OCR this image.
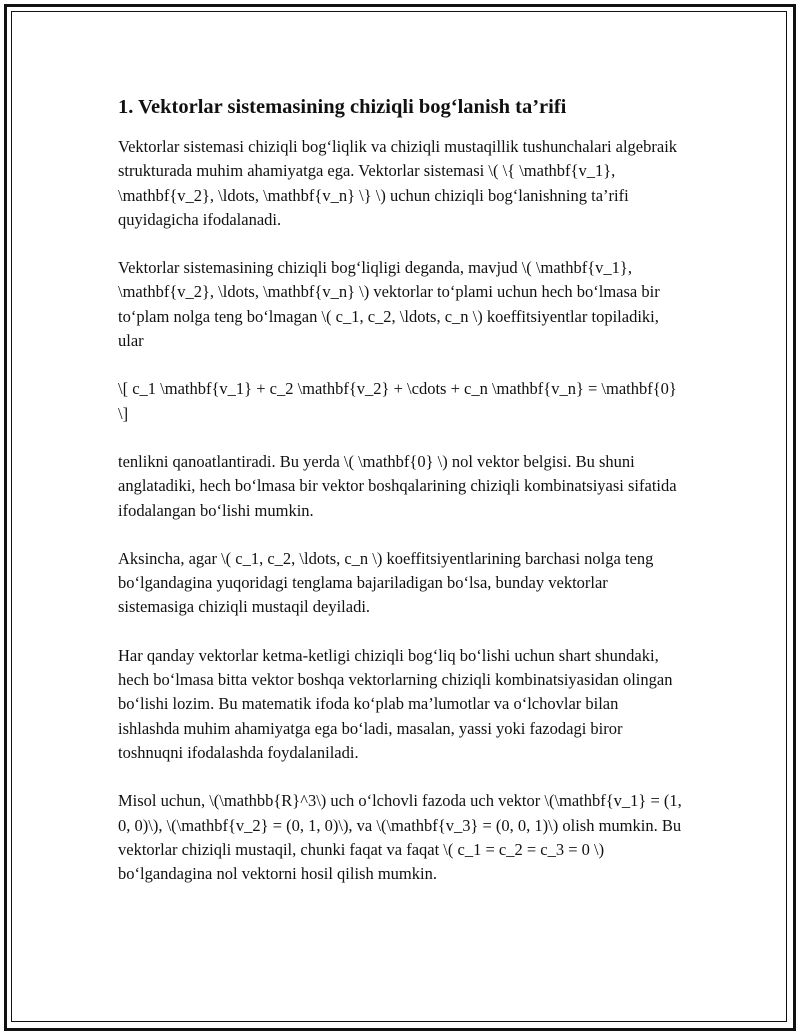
1. Vektorlar sistemasining chiziqli bog‘lanish ta’rifi

Vektorlar sistemasi chiziqli bog‘liqlik va chiziqli mustaqillik tushunchalari algebraik strukturada muhim ahamiyatga ega. Vektorlar sistemasi \( \{ \mathbf{v_1}, \mathbf{v_2}, \ldots, \mathbf{v_n} \} \) uchun chiziqli bog‘lanishning ta’rifi quyidagicha ifodalanadi.

Vektorlar sistemasining chiziqli bog‘liqligi deganda, mavjud \( \mathbf{v_1}, \mathbf{v_2}, \ldots, \mathbf{v_n} \) vektorlar to‘plami uchun hech bo‘lmasa bir to‘plam nolga teng bo‘lmagan \( c_1, c_2, \ldots, c_n \) koeffitsiyentlar topiladiki, ular

\[ c_1 \mathbf{v_1} + c_2 \mathbf{v_2} + \cdots + c_n \mathbf{v_n} = \mathbf{0} \]

tenlikni qanoatlantiradi. Bu yerda \( \mathbf{0} \) nol vektor belgisi. Bu shuni anglatadiki, hech bo‘lmasa bir vektor boshqalarining chiziqli kombinatsiyasi sifatida ifodalangan bo‘lishi mumkin.

Aksincha, agar \( c_1, c_2, \ldots, c_n \) koeffitsiyentlarining barchasi nolga teng bo‘lgandagina yuqoridagi tenglama bajariladigan bo‘lsa, bunday vektorlar sistemasiga chiziqli mustaqil deyiladi.

Har qanday vektorlar ketma-ketligi chiziqli bog‘liq bo‘lishi uchun shart shundaki, hech bo‘lmasa bitta vektor boshqa vektorlarning chiziqli kombinatsiyasidan olingan bo‘lishi lozim. Bu matematik ifoda ko‘plab ma’lumotlar va o‘lchovlar bilan ishlashda muhim ahamiyatga ega bo‘ladi, masalan, yassi yoki fazodagi biror toshnuqni ifodalashda foydalaniladi.

Misol uchun, \(\mathbb{R}^3\) uch o‘lchovli fazoda uch vektor \(\mathbf{v_1} = (1, 0, 0)\), \(\mathbf{v_2} = (0, 1, 0)\), va \(\mathbf{v_3} = (0, 0, 1)\) olish mumkin. Bu vektorlar chiziqli mustaqil, chunki faqat va faqat \( c_1 = c_2 = c_3 = 0 \) bo‘lgandagina nol vektorni hosil qilish mumkin.
